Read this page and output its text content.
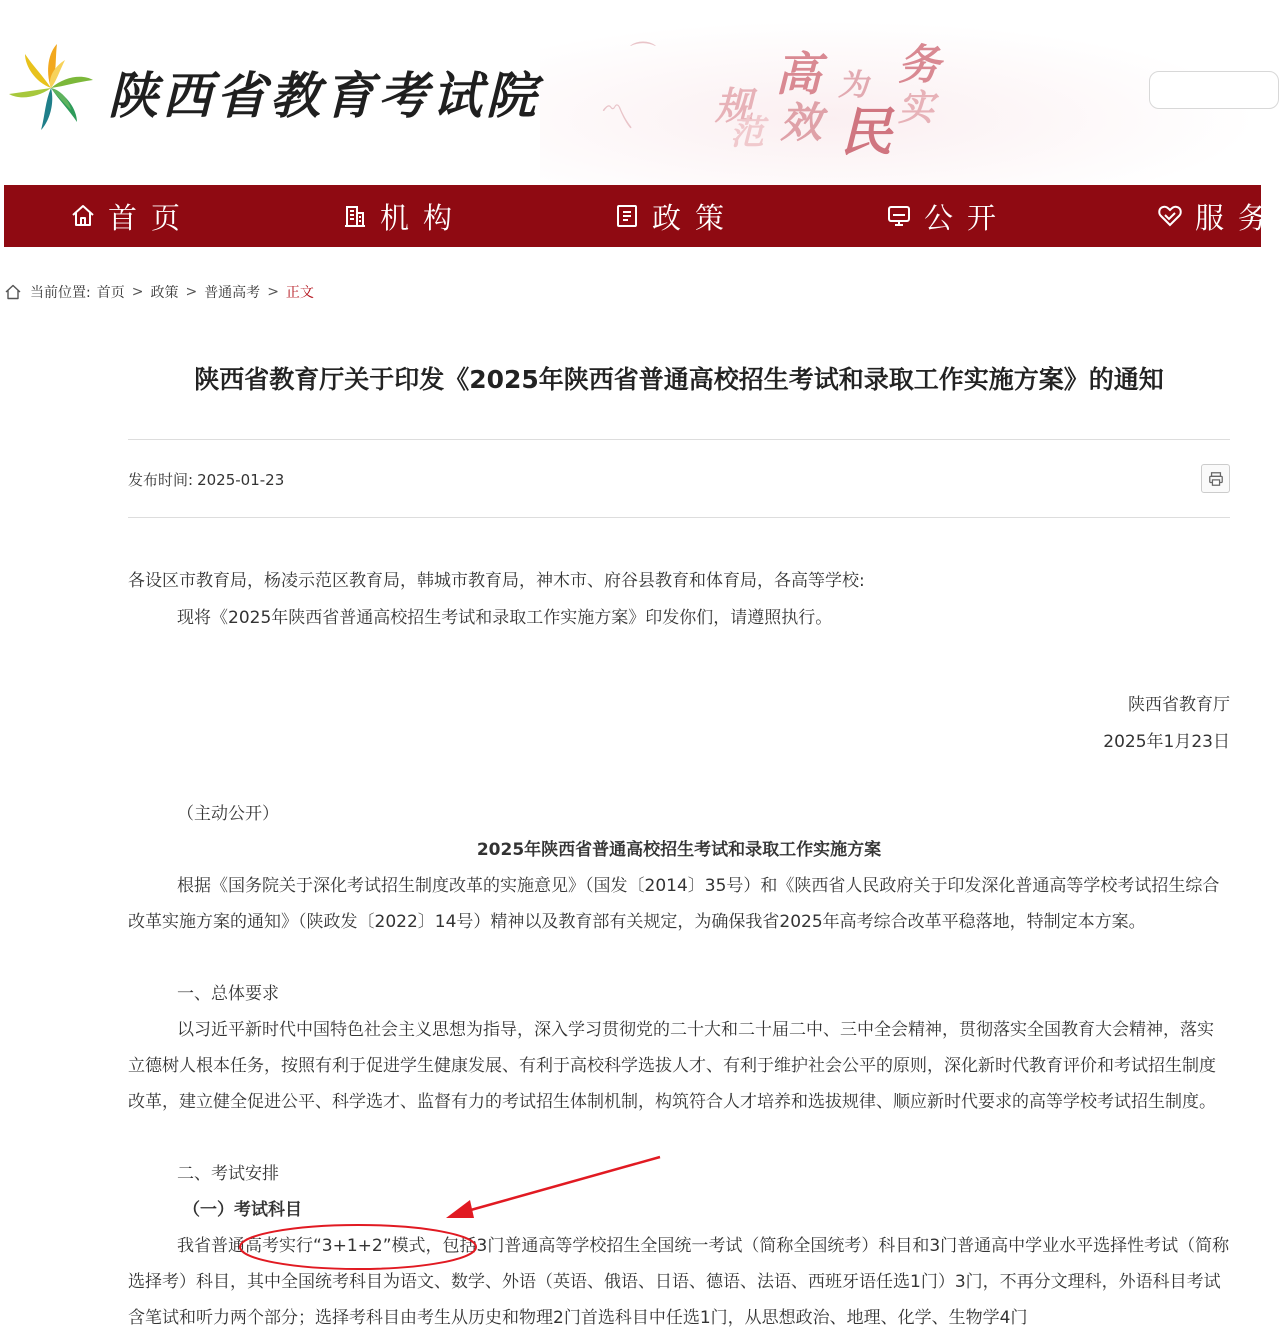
⌒
〽 规
范
高
效
为
民
务
实
陕西省教育考试院
首页	机构	政策	公开	服务
当前位置: 首页 > 政策 > 普通高考 > 正文
陕西省教育厅关于印发《2025年陕西省普通高校招生考试和录取工作实施方案》的通知
发布时间: 2025-01-23
各设区市教育局，杨凌示范区教育局，韩城市教育局，神木市、府谷县教育和体育局，各高等学校:
现将《2025年陕西省普通高校招生考试和录取工作实施方案》印发你们，请遵照执行。
陕西省教育厅
2025年1月23日
（主动公开）
2025年陕西省普通高校招生考试和录取工作实施方案
根据《国务院关于深化考试招生制度改革的实施意见》（国发〔2014〕35号）和《陕西省人民政府关于印发深化普通高等学校考试招生综合改革实施方案的通知》（陕政发〔2022〕14号）精神以及教育部有关规定，为确保我省2025年高考综合改革平稳落地，特制定本方案。
一、总体要求
以习近平新时代中国特色社会主义思想为指导，深入学习贯彻党的二十大和二十届二中、三中全会精神，贯彻落实全国教育大会精神，落实立德树人根本任务，按照有利于促进学生健康发展、有利于高校科学选拔人才、有利于维护社会公平的原则，深化新时代教育评价和考试招生制度改革，建立健全促进公平、科学选才、监督有力的考试招生体制机制，构筑符合人才培养和选拔规律、顺应新时代要求的高等学校考试招生制度。
二、考试安排
（一）考试科目
我省普通高考实行“3+1+2”模式，包括3门普通高等学校招生全国统一考试（简称全国统考）科目和3门普通高中学业水平选择性考试（简称选择考）科目，其中全国统考科目为语文、数学、外语（英语、俄语、日语、德语、法语、西班牙语任选1门）3门，不再分文理科，外语科目考试含笔试和听力两个部分；选择考科目由考生从历史和物理2门首选科目中任选1门，从思想政治、地理、化学、生物学4门
